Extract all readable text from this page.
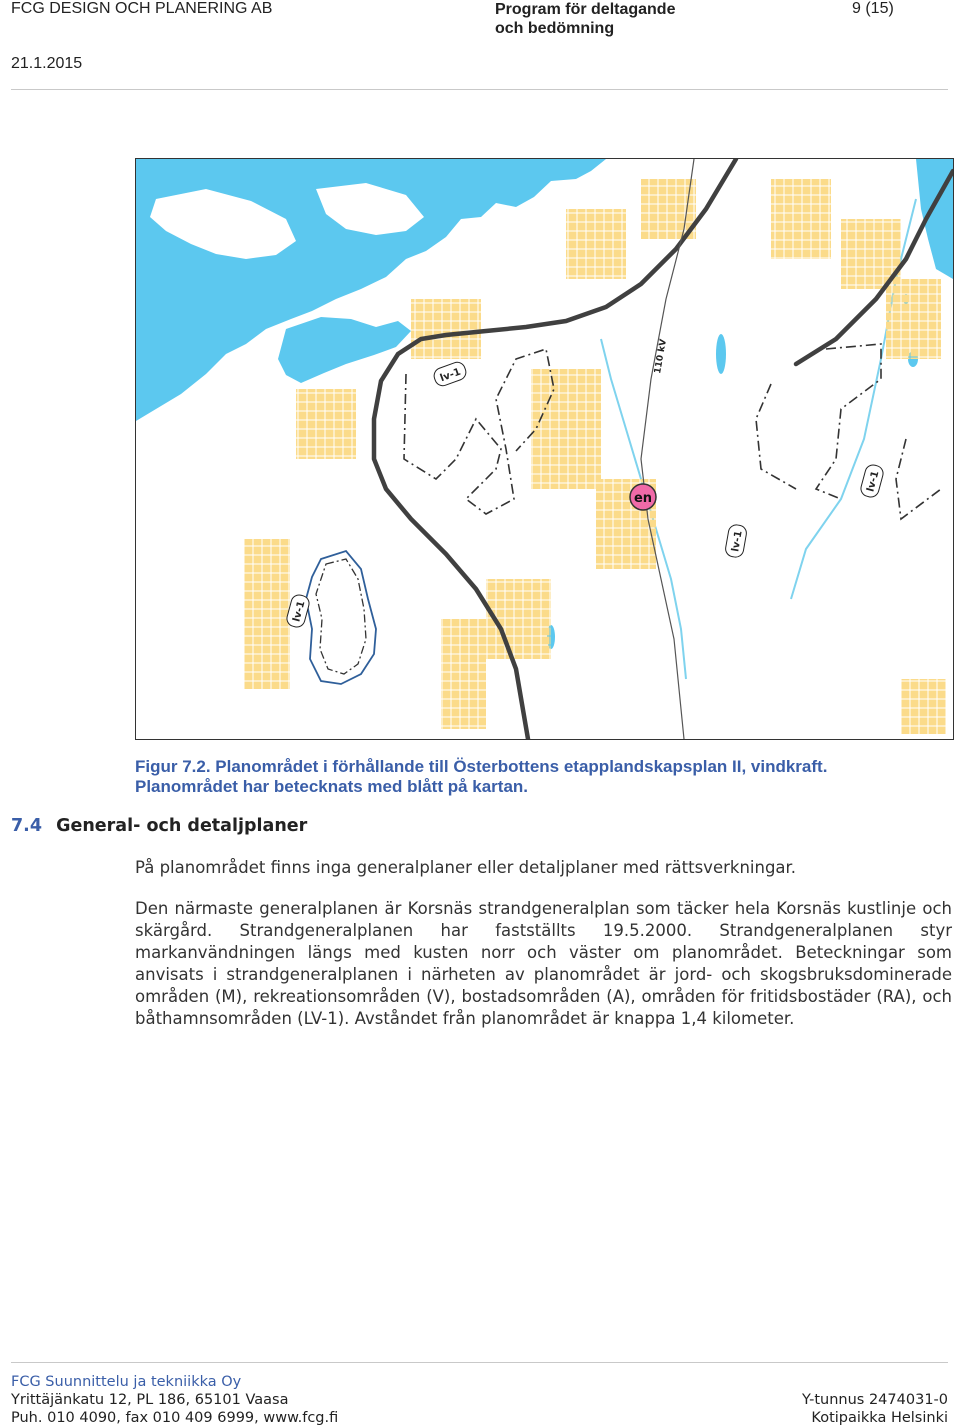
FCG DESIGN OCH PLANERING AB	Program för deltagande
och bedömning
9 (15)
21.1.2015
lv-1
lv-1
lv-1
lv-1
110 kV
en
Figur 7.2. Planområdet i förhållande till Österbottens etapplandskapsplan II, vindkraft.
Planområdet har betecknats med blått på kartan.
7.4 General- och detaljplaner
På planområdet finns inga generalplaner eller detaljplaner med rättsverkningar.
Den närmaste generalplanen är Korsnäs strandgeneralplan som täcker hela Korsnäs kustlinje och skärgård. Strandgeneralplanen har fastställts 19.5.2000. Strandgeneralplanen styr markanvändningen längs med kusten norr och väster om planområdet. Beteckningar som anvisats i strandgeneralplanen i närheten av planområdet är jord- och skogsbruksdominerade områden (M), rekreationsområden (V), bostadsområden (A), områden för fritidsbostäder (RA), och båthamnsområden (LV-1). Avståndet från planområdet är knappa 1,4 kilometer.
FCG Suunnittelu ja tekniikka Oy
Yrittäjänkatu 12, PL 186, 65101 Vaasa
Puh. 010 4090, fax 010 409 6999, www.fcg.fi
Y-tunnus 2474031-0
Kotipaikka Helsinki
